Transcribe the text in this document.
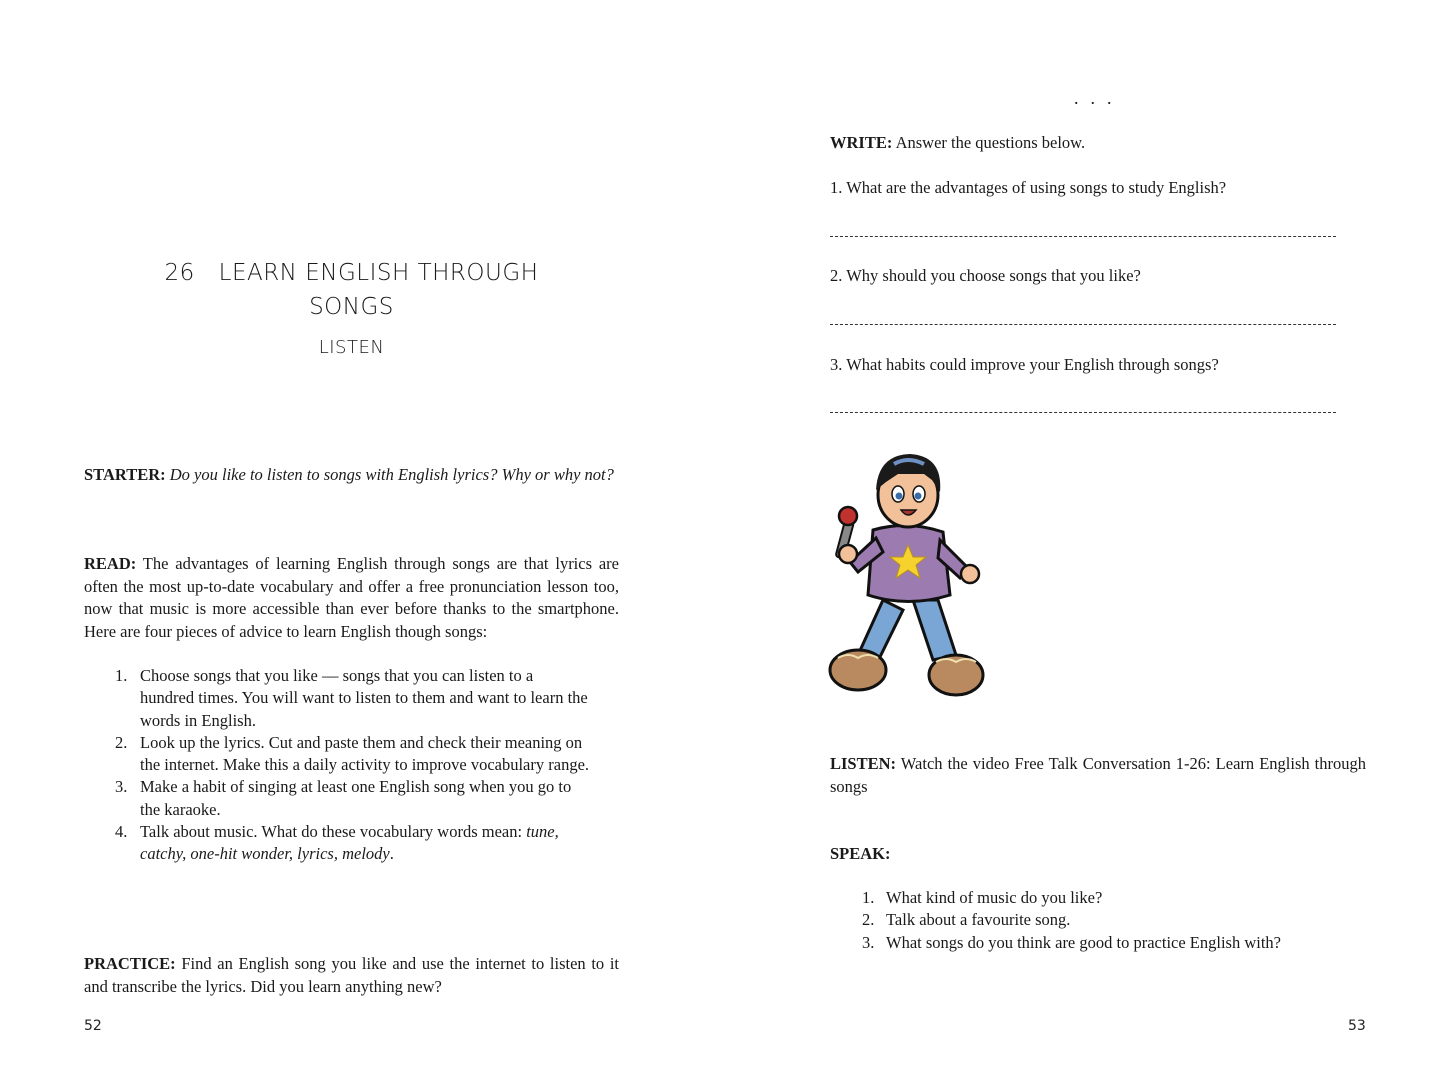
26 LEARN ENGLISH THROUGH
SONGS
LISTEN

STARTER: Do you like to listen to songs with English lyrics? Why or why not?

READ: The advantages of learning English through songs are that lyrics are often the most up-to-date vocabulary and offer a free pronunciation lesson too, now that music is more accessible than ever before thanks to the smartphone. Here are four pieces of advice to learn English though songs:

1. Choose songs that you like — songs that you can listen to a hundred times. You will want to listen to them and want to learn the words in English.
2. Look up the lyrics. Cut and paste them and check their meaning on the internet. Make this a daily activity to improve vocabulary range.
3. Make a habit of singing at least one English song when you go to the karaoke.
4. Talk about music. What do these vocabulary words mean: tune, catchy, one-hit wonder, lyrics, melody.

PRACTICE: Find an English song you like and use the internet to listen to it and transcribe the lyrics. Did you learn anything new?

52
...

WRITE: Answer the questions below.

1. What are the advantages of using songs to study English?

2. Why should you choose songs that you like?

3. What habits could improve your English through songs?

LISTEN: Watch the video Free Talk Conversation 1-26: Learn English through songs

SPEAK:

1. What kind of music do you like?
2. Talk about a favourite song.
3. What songs do you think are good to practice English with?
53
